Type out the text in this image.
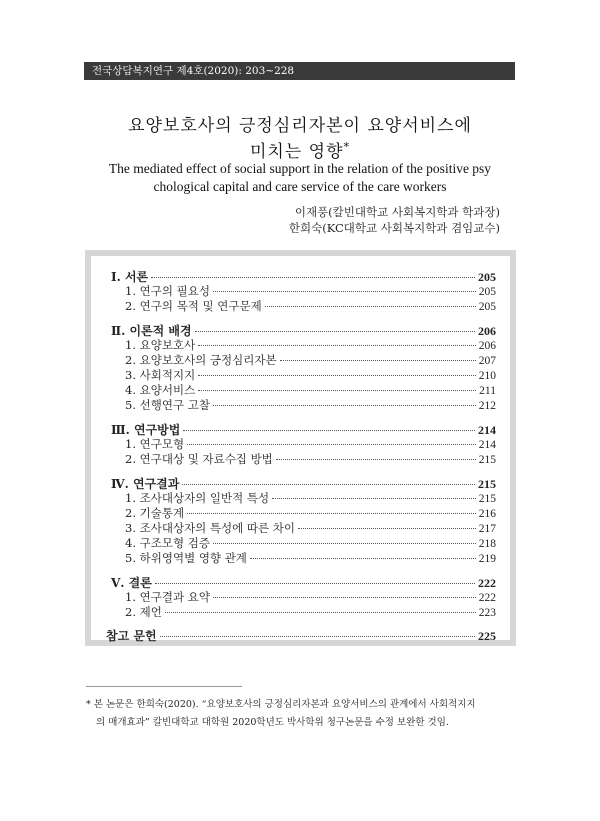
전국상담복지연구 제4호(2020): 203~228
요양보호사의 긍정심리자본이 요양서비스에
미치는 영향*
The mediated effect of social support in the relation of the positive psy
chological capital and care service of the care workers
이재풍(칼빈대학교 사회복지학과 학과장)
한희숙(KC대학교 사회복지학과 겸임교수)
Ⅰ. 서론	205
1. 연구의 필요성	205
2. 연구의 목적 및 연구문제	205
Ⅱ. 이론적 배경	206
1. 요양보호사	206
2. 요양보호사의 긍정심리자본	207
3. 사회적지지	210
4. 요양서비스	211
5. 선행연구 고찰	212
Ⅲ. 연구방법	214
1. 연구모형	214
2. 연구대상 및 자료수집 방법	215
Ⅳ. 연구결과	215
1. 조사대상자의 일반적 특성	215
2. 기술통계	216
3. 조사대상자의 특성에 따른 차이	217
4. 구조모형 검증	218
5. 하위영역별 영향 관계	219
Ⅴ. 결론	222
1. 연구결과 요약	222
2. 제언	223
참고 문헌	225
* 본 논문은 한희숙(2020). “요양보호사의 긍정심리자본과 요양서비스의 관계에서 사회적지지
의 매개효과” 칼빈대학교 대학원 2020학년도 박사학위 청구논문을 수정 보완한 것임.
